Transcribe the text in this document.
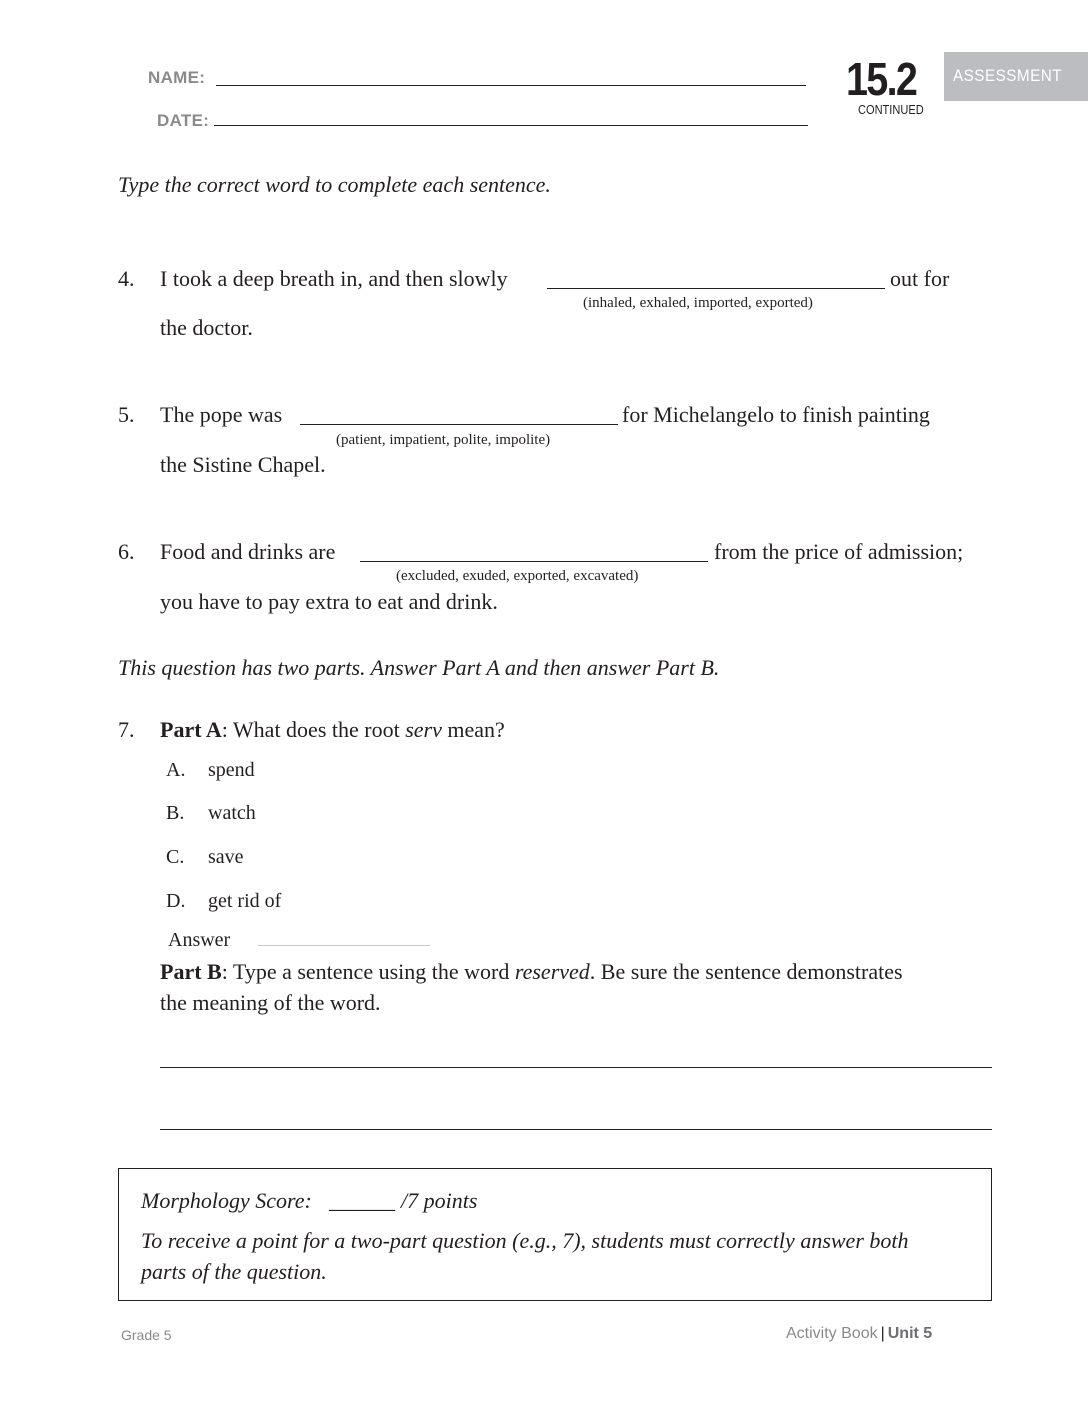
NAME:
DATE:
15.2
CONTINUED
ASSESSMENT
Type the correct word to complete each sentence.
4. I took a deep breath in, and then slowly	out for
(inhaled, exhaled, imported, exported)
the doctor.
5. The pope was	for Michelangelo to finish painting
(patient, impatient, polite, impolite)
the Sistine Chapel.
6. Food and drinks are	from the price of admission;
(excluded, exuded, exported, excavated)
you have to pay extra to eat and drink.
This question has two parts. Answer Part A and then answer Part B.
7. Part A: What does the root serv mean?
A. spend
B. watch
C. save
D. get rid of
Answer
Part B: Type a sentence using the word reserved. Be sure the sentence demonstrates
the meaning of the word.
Morphology Score: ______ /7 points
To receive a point for a two-part question (e.g., 7), students must correctly answer both
parts of the question.
Grade 5	Activity Book | Unit 5
